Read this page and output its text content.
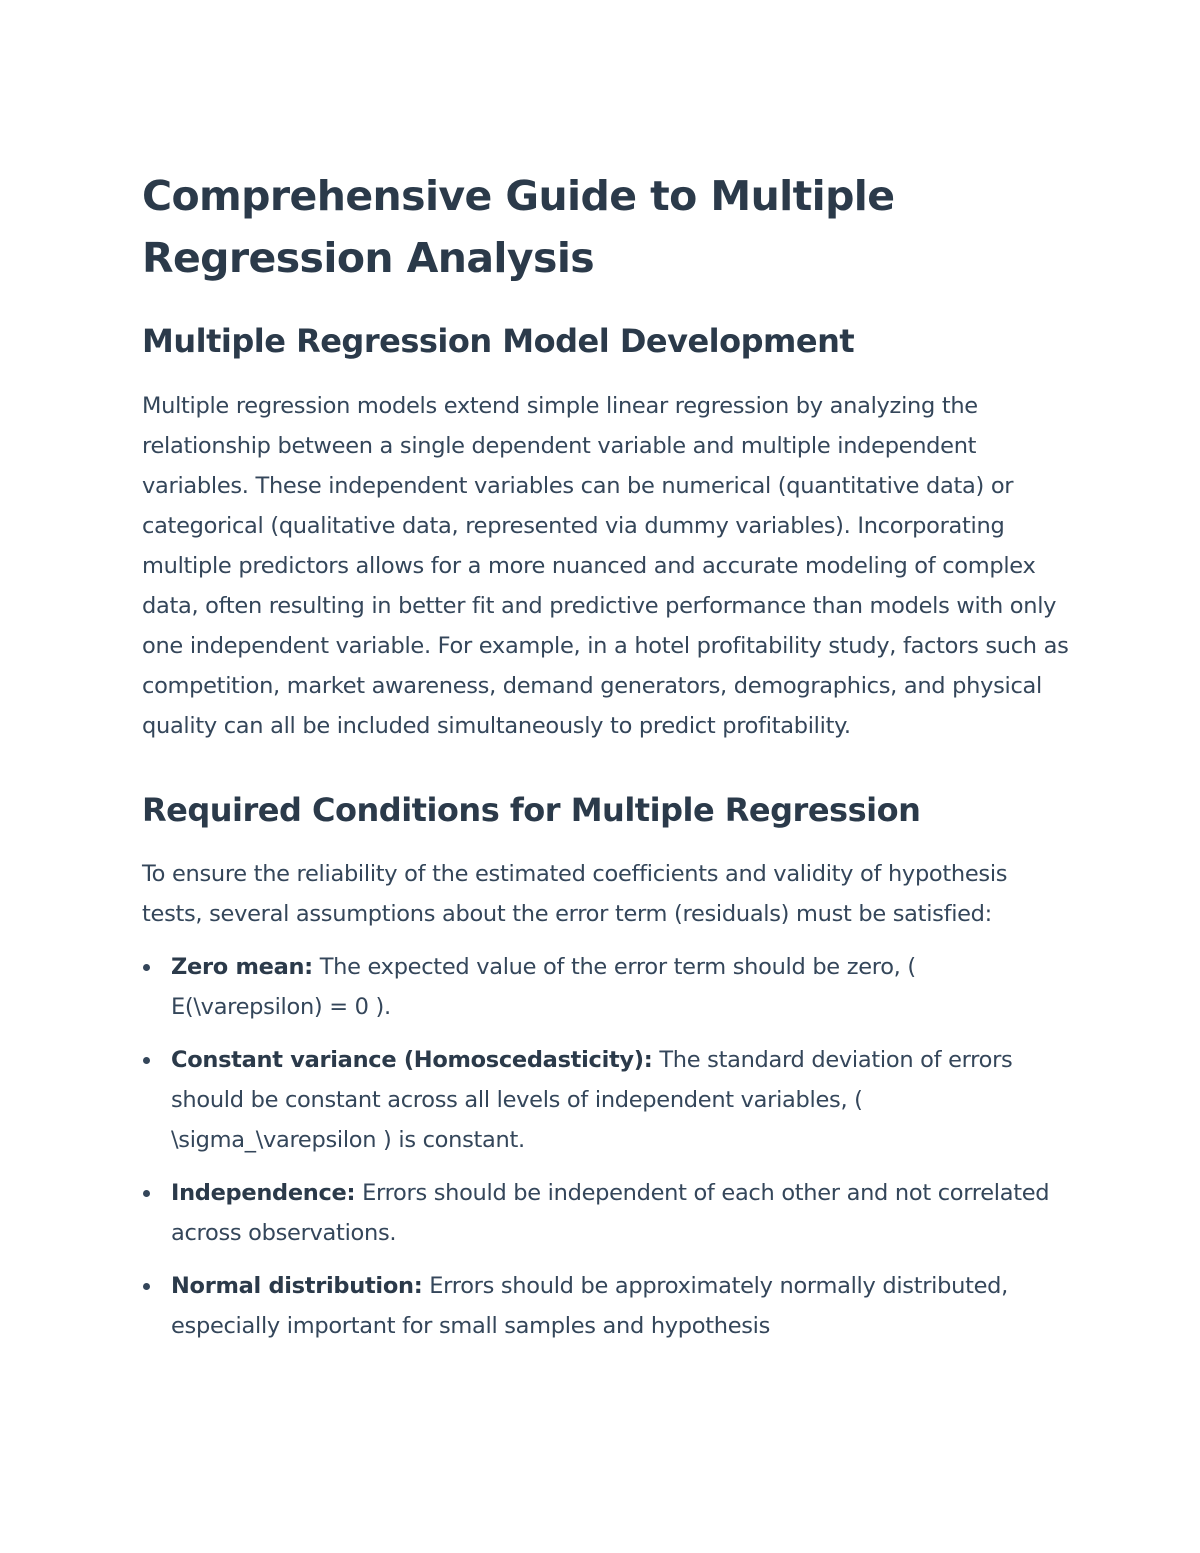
Comprehensive Guide to Multiple Regression Analysis
Multiple Regression Model Development

Multiple regression models extend simple linear regression by analyzing the relationship between a single dependent variable and multiple independent variables. These independent variables can be numerical (quantitative data) or categorical (qualitative data, represented via dummy variables). Incorporating multiple predictors allows for a more nuanced and accurate modeling of complex data, often resulting in better fit and predictive performance than models with only one independent variable. For example, in a hotel profitability study, factors such as competition, market awareness, demand generators, demographics, and physical quality can all be included simultaneously to predict profitability.

Required Conditions for Multiple Regression

To ensure the reliability of the estimated coefficients and validity of hypothesis tests, several assumptions about the error term (residuals) must be satisfied:

Zero mean: The expected value of the error term should be zero, ( E(\varepsilon) = 0 ).
Constant variance (Homoscedasticity): The standard deviation of errors should be constant across all levels of independent variables, ( \sigma_\varepsilon ) is constant.
Independence: Errors should be independent of each other and not correlated across observations.
Normal distribution: Errors should be approximately normally distributed, especially important for small samples and hypothesis
